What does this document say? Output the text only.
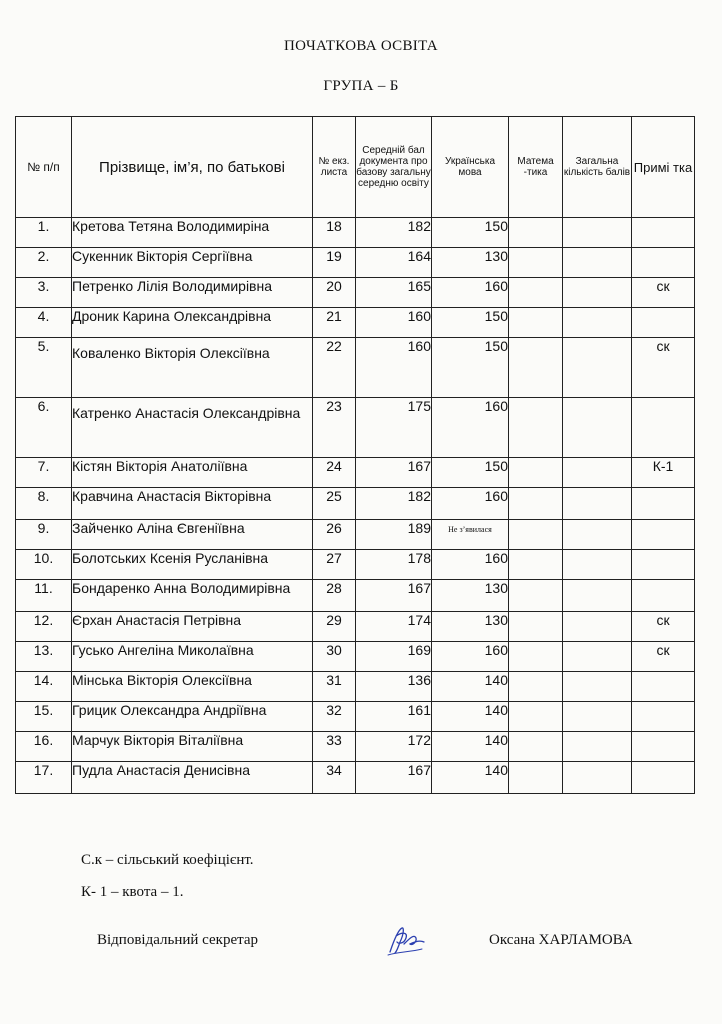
ПОЧАТКОВА ОСВІТА
ГРУПА – Б
№ п/п	Прізвище, ім’я, по батькові	№ екз. листа	Середній бал документа про базову загальну середню освіту	Українська мова	Матема -тика	Загальна кількість балів	Примі тка
1.	Кретова Тетяна Володимиріна	18	182	150			
2.	Сукенник Вікторія Сергіївна	19	164	130			
3.	Петренко Лілія Володимирівна	20	165	160			ск
4.	Дроник Карина Олександрівна	21	160	150			
5.	Коваленко Вікторія Олексіївна	22	160	150			ск
6.	Катренко Анастасія Олександрівна	23	175	160			
7.	Кістян Вікторія Анатоліївна	24	167	150			К-1
8.	Кравчина Анастасія Вікторівна	25	182	160			
9.	Зайченко Аліна Євгеніївна	26	189	Не з’явилася			
10.	Болотських Ксенія Русланівна	27	178	160			
11.	Бондаренко Анна Володимирівна	28	167	130			
12.	Єрхан Анастасія Петрівна	29	174	130			ск
13.	Гусько Ангеліна Миколаївна	30	169	160			ск
14.	Мінська Вікторія Олексіївна	31	136	140			
15.	Грицик Олександра Андріївна	32	161	140			
16.	Марчук Вікторія Віталіївна	33	172	140			
17.	Пудла Анастасія Денисівна	34	167	140			
С.к – сільський коефіцієнт.
К- 1 – квота – 1.
Відповідальний секретар	Оксана ХАРЛАМОВА
